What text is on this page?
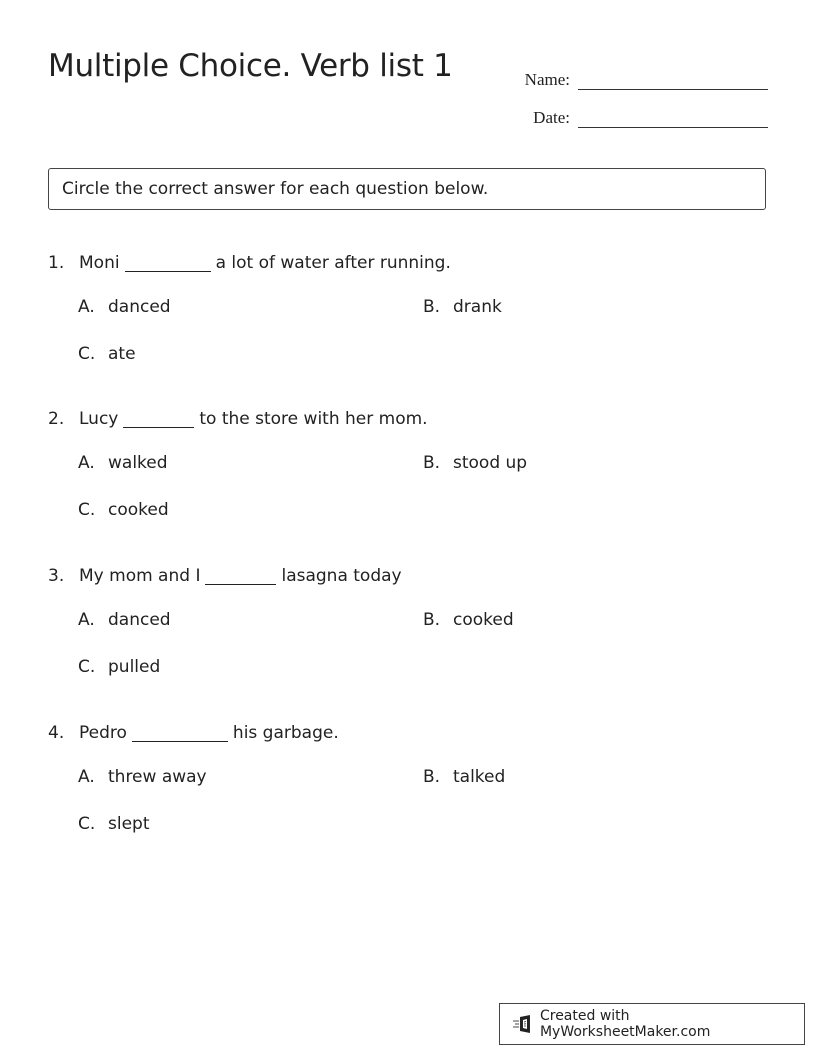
Multiple Choice. Verb list 1	Name:
Date:
Circle the correct answer for each question below.
1. Moni	a lot of water after running.
A. danced	B. drank
C. ate
2. Lucy	to the store with her mom.
A. walked	B. stood up
C. cooked
3. My mom and I	lasagna today
A. danced	B. cooked
C. pulled
4. Pedro	his garbage.
A. threw away	B. talked
C. slept
Created with MyWorksheetMaker.com
